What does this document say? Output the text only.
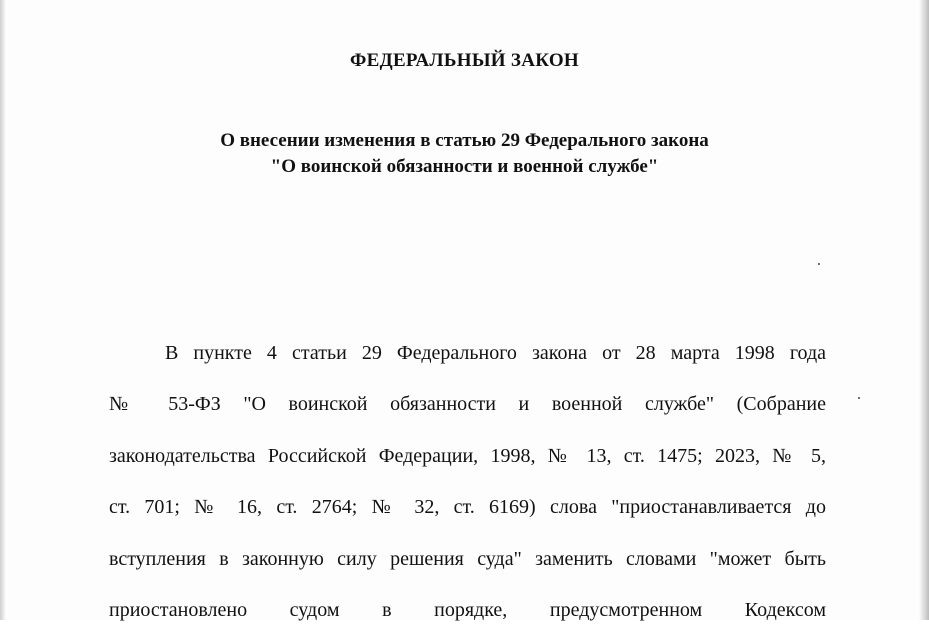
ФЕДЕРАЛЬНЫЙ ЗАКОН
О внесении изменения в статью 29 Федерального закона
"О воинской обязанности и военной службе"
В пункте 4 статьи 29 Федерального закона от 28 марта 1998 года
№ 53-ФЗ "О воинской обязанности и военной службе" (Собрание
законодательства Российской Федерации, 1998, № 13, ст. 1475; 2023, № 5,
ст. 701; № 16, ст. 2764; № 32, ст. 6169) слова "приостанавливается до
вступления в законную силу решения суда" заменить словами "может быть
приостановлено судом в порядке, предусмотренном Кодексом
